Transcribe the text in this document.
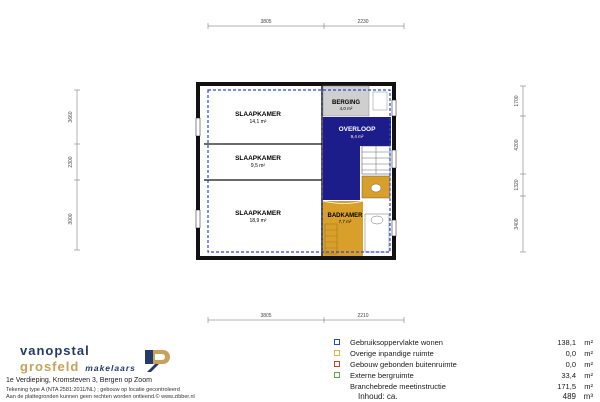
3805	2230
3805	2210
3660
2300
3000
1700
4200
1320
3400
SLAAPKAMER
14,1 m²
SLAAPKAMER
9,5 m²
SLAAPKAMER
18,9 m²
BERGING
4,0 m²
OVERLOOP
9,4 m²
BADKAMER
7,7 m²
vanopstal
grosfeld makelaars
1e Verdieping, Kromsteven 3, Bergen op Zoom
Tekening type A (NTA 2581:2011/NL) ; gebouw op locatie gecontroleerd
Aan de plattegronden kunnen geen rechten worden ontleend.© www.zibber.nl
Gebruiksoppervlakte wonen	138,1 m²
Overige inpandige ruimte	0,0 m²
Gebouw gebonden buitenruimte	0,0 m²
Externe bergruimte	33,4 m²
Branchebrede meetinstructie	171,5 m²
Inhoud: ca.	489 m³
